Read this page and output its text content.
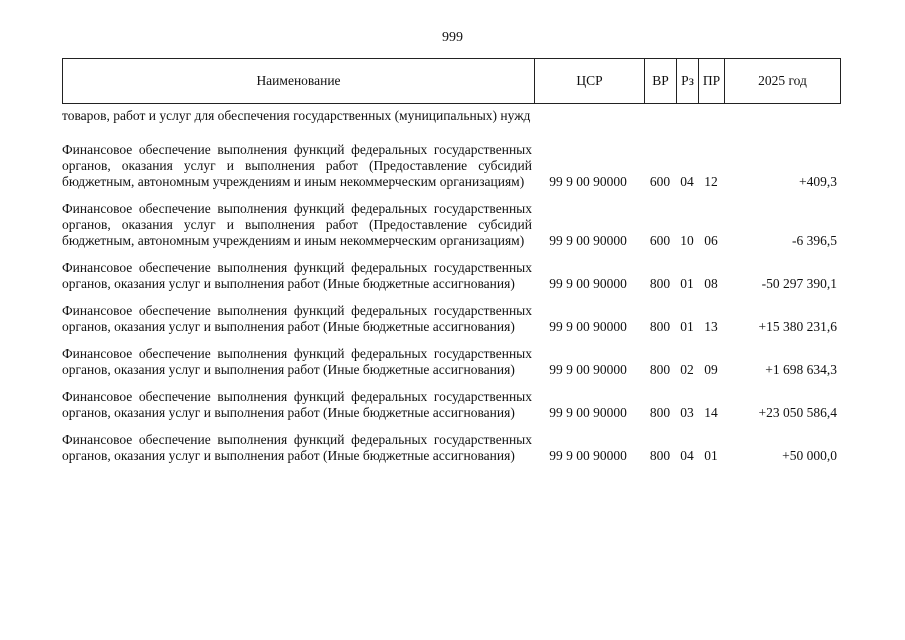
999
Наименование	ЦСР	ВР Рз ПР	2025 год
товаров, работ и услуг для обеспечения государственных (муниципальных) нужд
Финансовое обеспечение выполнения функций федеральных государственных органов, оказания услуг и выполнения работ (Предоставление субсидий бюджетным, автономным учреждениям и иным некоммерческим организациям)	99 9 00 90000	600 04 12	+409,3
Финансовое обеспечение выполнения функций федеральных государственных органов, оказания услуг и выполнения работ (Предоставление субсидий бюджетным, автономным учреждениям и иным некоммерческим организациям)	99 9 00 90000	600 10 06	-6 396,5
Финансовое обеспечение выполнения функций федеральных государственных органов, оказания услуг и выполнения работ (Иные бюджетные ассигнования)	99 9 00 90000	800 01 08	-50 297 390,1
Финансовое обеспечение выполнения функций федеральных государственных органов, оказания услуг и выполнения работ (Иные бюджетные ассигнования)	99 9 00 90000	800 01 13	+15 380 231,6
Финансовое обеспечение выполнения функций федеральных государственных органов, оказания услуг и выполнения работ (Иные бюджетные ассигнования)	99 9 00 90000	800 02 09	+1 698 634,3
Финансовое обеспечение выполнения функций федеральных государственных органов, оказания услуг и выполнения работ (Иные бюджетные ассигнования)	99 9 00 90000	800 03 14	+23 050 586,4
Финансовое обеспечение выполнения функций федеральных государственных органов, оказания услуг и выполнения работ (Иные бюджетные ассигнования)	99 9 00 90000	800 04 01	+50 000,0
